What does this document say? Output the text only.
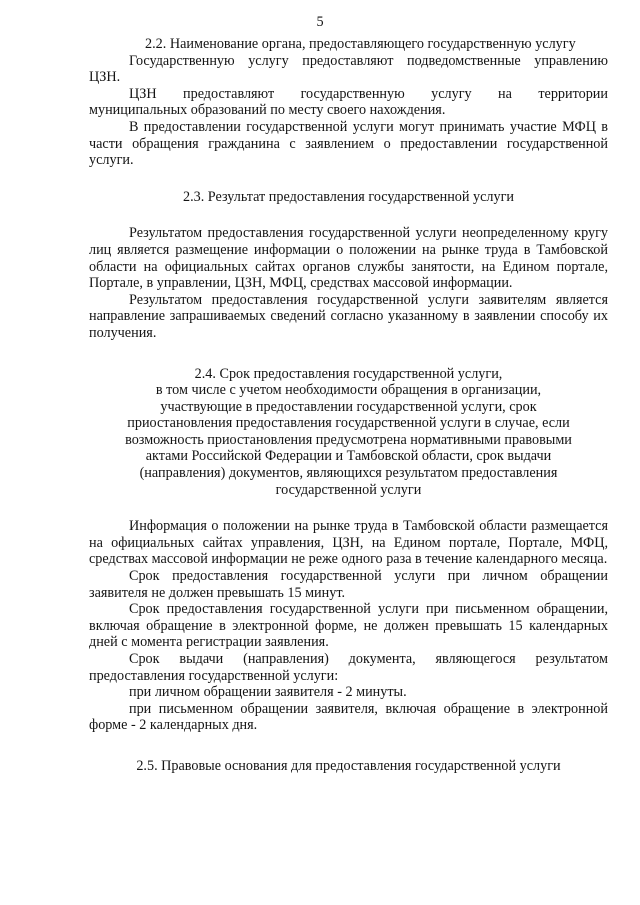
5

2.2. Наименование органа, предоставляющего государственную услугу

Государственную услугу предоставляют подведомственные управлению

ЦЗН.

ЦЗН предоставляют государственную услугу на территории

муниципальных образований по месту своего нахождения.

В предоставлении государственной услуги могут принимать участие МФЦ в части обращения гражданина с заявлением о предоставлении государственной услуги.

2.3. Результат предоставления государственной услуги

Результатом предоставления государственной услуги неопределенному кругу лиц является размещение информации о положении на рынке труда в Тамбовской области на официальных сайтах органов службы занятости, на Едином портале, Портале, в управлении, ЦЗН, МФЦ, средствах массовой информации.

Результатом предоставления государственной услуги заявителям является направление запрашиваемых сведений согласно указанному в заявлении способу их получения.

2.4. Срок предоставления государственной услуги,
в том числе с учетом необходимости обращения в организации,
участвующие в предоставлении государственной услуги, срок
приостановления предоставления государственной услуги в случае, если
возможность приостановления предусмотрена нормативными правовыми
актами Российской Федерации и Тамбовской области, срок выдачи
(направления) документов, являющихся результатом предоставления
государственной услуги

Информация о положении на рынке труда в Тамбовской области размещается на официальных сайтах управления, ЦЗН, на Едином портале, Портале, МФЦ, средствах массовой информации не реже одного раза в течение календарного месяца.

Срок предоставления государственной услуги при личном обращении заявителя не должен превышать 15 минут.

Срок предоставления государственной услуги при письменном обращении, включая обращение в электронной форме, не должен превышать 15 календарных дней с момента регистрации заявления.

Срок выдачи (направления) документа, являющегося результатом предоставления государственной услуги:

при личном обращении заявителя - 2 минуты.

при письменном обращении заявителя, включая обращение в электронной форме - 2 календарных дня.

2.5. Правовые основания для предоставления государственной услуги
